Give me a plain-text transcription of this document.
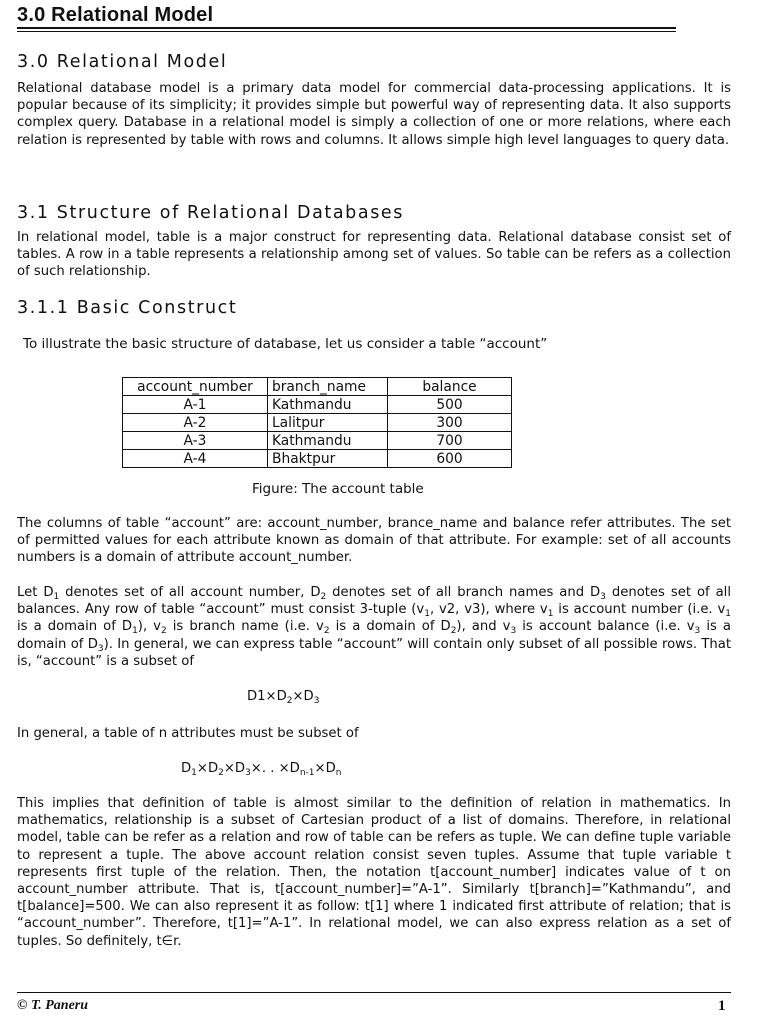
3.0 Relational Model
3.0 Relational Model

Relational database model is a primary data model for commercial data-processing applications. It is popular because of its simplicity; it provides simple but powerful way of representing data. It also supports complex query. Database in a relational model is simply a collection of one or more relations, where each relation is represented by table with rows and columns. It allows simple high level languages to query data.

3.1 Structure of Relational Databases

In relational model, table is a major construct for representing data. Relational database consist set of tables. A row in a table represents a relationship among set of values. So table can be refers as a collection of such relationship.

3.1.1 Basic Construct
To illustrate the basic structure of database, let us consider a table “account”
account_number	branch_name	balance
A-1	Kathmandu	500
A-2	Lalitpur	300
A-3	Kathmandu	700
A-4	Bhaktpur	600
Figure: The account table

The columns of table “account” are: account_number, brance_name and balance refer attributes. The set of permitted values for each attribute known as domain of that attribute. For example: set of all accounts numbers is a domain of attribute account_number.

Let $D_1$ denotes set of all account number, $D_2$ denotes set of all branch names and $D_3$ denotes set of all balances. Any row of table “account” must consist 3-tuple ($v_1$, v2, v3), where $v_1$ is account number (i.e. $v_1$ is a domain of $D_1$), $v_2$ is branch name (i.e. $v_2$ is a domain of $D_2$), and $v_3$ is account balance (i.e. $v_3$ is a domain of $D_3$). In general, we can express table “account” will contain only subset of all possible rows. That is, “account” is a subset of

$D1\times D_2\times D_3$

In general, a table of n attributes must be subset of

$D_1\times D_2\times D_3\times$. . $\times D_{n-1}\times D_n$

This implies that definition of table is almost similar to the definition of relation in mathematics. In mathematics, relationship is a subset of Cartesian product of a list of domains. Therefore, in relational model, table can be refer as a relation and row of table can be refers as tuple. We can define tuple variable to represent a tuple. The above account relation consist seven tuples. Assume that tuple variable t represents first tuple of the relation. Then, the notation t[account_number] indicates value of t on account_number attribute. That is, t[account_number]=”A-1”. Similarly t[branch]=”Kathmandu”, and t[balance]=500. We can also represent it as follow: t[1] where 1 indicated first attribute of relation; that is “account_number”. Therefore, t[1]=”A-1”. In relational model, we can also express relation as a set of tuples. So definitely, t∈r.

© T. Paneru	1
